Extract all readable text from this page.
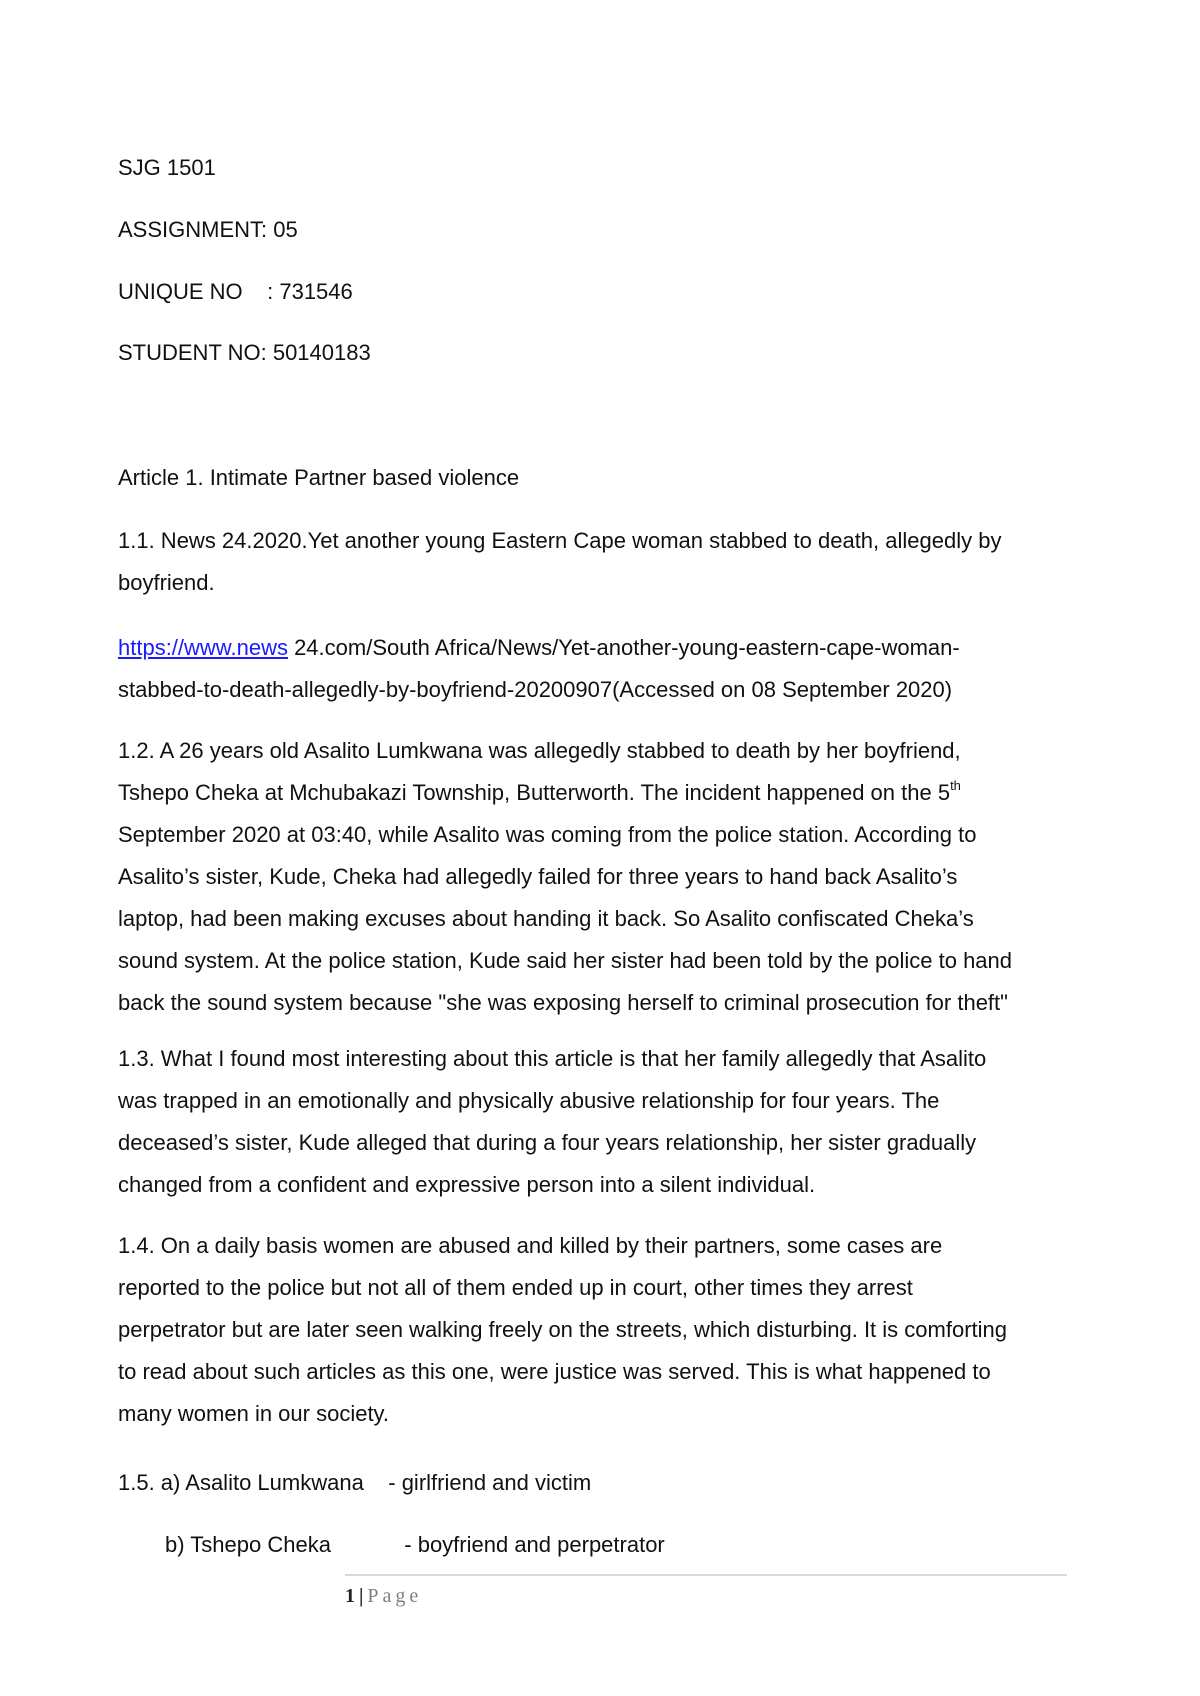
SJG 1501
ASSIGNMENT: 05
UNIQUE NO    : 731546
STUDENT NO: 50140183
Article 1. Intimate Partner based violence
1.1. News 24.2020.Yet another young Eastern Cape woman stabbed to death, allegedly by
boyfriend.
https://www.news 24.com/South Africa/News/Yet-another-young-eastern-cape-woman-
stabbed-to-death-allegedly-by-boyfriend-20200907(Accessed on 08 September 2020)
1.2. A 26 years old Asalito Lumkwana was allegedly stabbed to death by her boyfriend,
Tshepo Cheka at Mchubakazi Township, Butterworth. The incident happened on the 5th
September 2020 at 03:40, while Asalito was coming from the police station. According to
Asalito’s sister, Kude, Cheka had allegedly failed for three years to hand back Asalito’s
laptop, had been making excuses about handing it back. So Asalito confiscated Cheka’s
sound system. At the police station, Kude said her sister had been told by the police to hand
back the sound system because "she was exposing herself to criminal prosecution for theft"
1.3. What I found most interesting about this article is that her family allegedly that Asalito
was trapped in an emotionally and physically abusive relationship for four years. The
deceased’s sister, Kude alleged that during a four years relationship, her sister gradually
changed from a confident and expressive person into a silent individual.
1.4. On a daily basis women are abused and killed by their partners, some cases are
reported to the police but not all of them ended up in court, other times they arrest
perpetrator but are later seen walking freely on the streets, which disturbing. It is comforting
to read about such articles as this one, were justice was served. This is what happened to
many women in our society.
1.5. a) Asalito Lumkwana    - girlfriend and victim
b) Tshepo Cheka            - boyfriend and perpetrator
1 | Page
